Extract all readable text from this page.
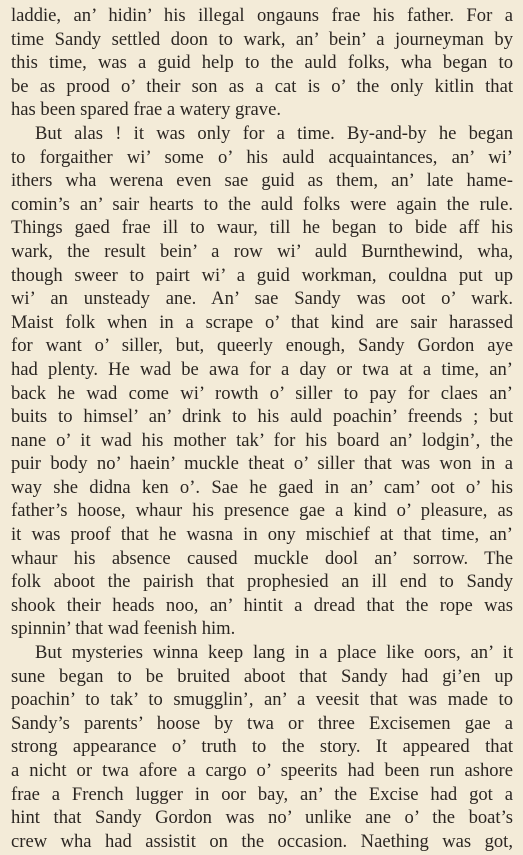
laddie, an’ hidin’ his illegal ongauns frae his father. For a
time Sandy settled doon to wark, an’ bein’ a journeyman by
this time, was a guid help to the auld folks, wha began to
be as prood o’ their son as a cat is o’ the only kitlin that
has been spared frae a watery grave.
But alas ! it was only for a time. By-and-by he began
to forgaither wi’ some o’ his auld acquaintances, an’ wi’
ithers wha werena even sae guid as them, an’ late hame-
comin’s an’ sair hearts to the auld folks were again the rule.
Things gaed frae ill to waur, till he began to bide aff his
wark, the result bein’ a row wi’ auld Burnthewind, wha,
though sweer to pairt wi’ a guid workman, couldna put up
wi’ an unsteady ane. An’ sae Sandy was oot o’ wark.
Maist folk when in a scrape o’ that kind are sair harassed
for want o’ siller, but, queerly enough, Sandy Gordon aye
had plenty. He wad be awa for a day or twa at a time, an’
back he wad come wi’ rowth o’ siller to pay for claes an’
buits to himsel’ an’ drink to his auld poachin’ freends ; but
nane o’ it wad his mother tak’ for his board an’ lodgin’, the
puir body no’ haein’ muckle theat o’ siller that was won in a
way she didna ken o’. Sae he gaed in an’ cam’ oot o’ his
father’s hoose, whaur his presence gae a kind o’ pleasure, as
it was proof that he wasna in ony mischief at that time, an’
whaur his absence caused muckle dool an’ sorrow. The
folk aboot the pairish that prophesied an ill end to Sandy
shook their heads noo, an’ hintit a dread that the rope was
spinnin’ that wad feenish him.
But mysteries winna keep lang in a place like oors, an’ it
sune began to be bruited aboot that Sandy had gi’en up
poachin’ to tak’ to smugglin’, an’ a veesit that was made to
Sandy’s parents’ hoose by twa or three Excisemen gae a
strong appearance o’ truth to the story. It appeared that
a nicht or twa afore a cargo o’ speerits had been run ashore
frae a French lugger in oor bay, an’ the Excise had got a
hint that Sandy Gordon was no’ unlike ane o’ the boat’s
crew wha had assistit on the occasion. Naething was got,
